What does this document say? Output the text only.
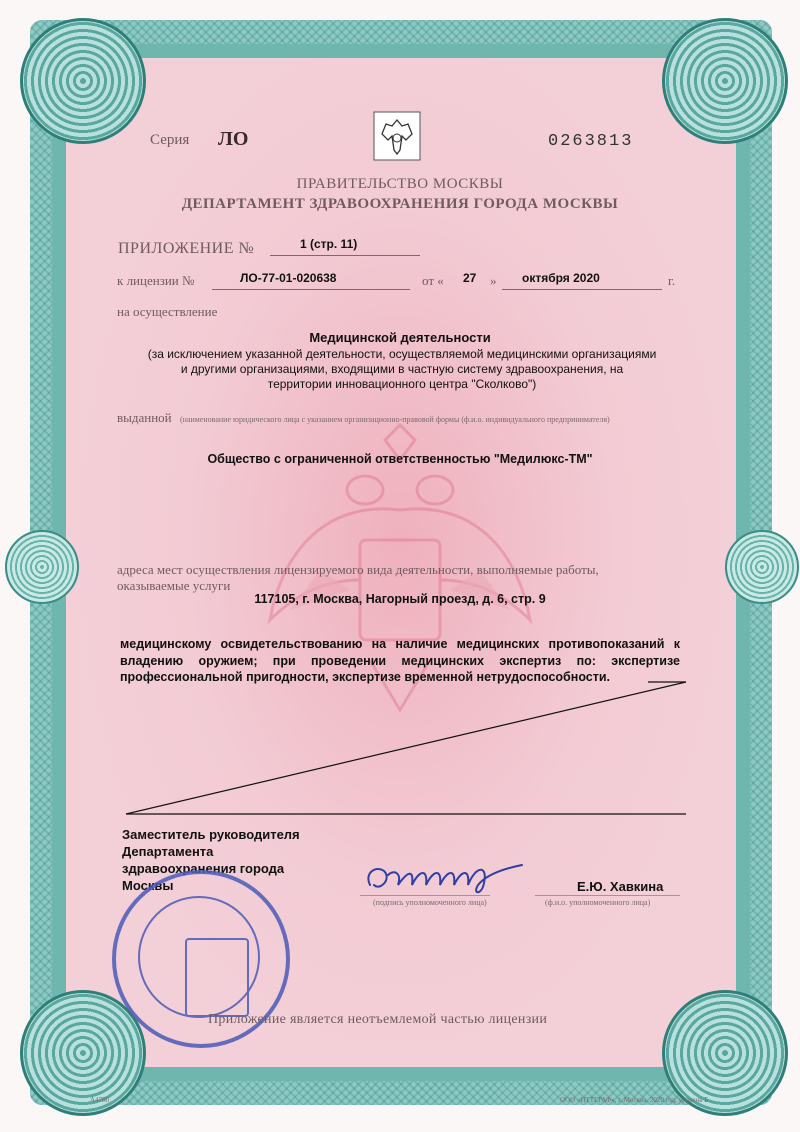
Серия ЛО	0263813
ПРАВИТЕЛЬСТВО МОСКВЫ
ДЕПАРТАМЕНТ ЗДРАВООХРАНЕНИЯ ГОРОДА МОСКВЫ
ПРИЛОЖЕНИЕ №	1 (стр. 11)
к лицензии №	ЛО-77-01-020638	от « 27 » октября 2020	г.
на осуществление
Медицинской деятельности
(за исключением указанной деятельности, осуществляемой медицинскими организациями
и другими организациями, входящими в частную систему здравоохранения, на
территории инновационного центра "Сколково")
выданной (наименование юридического лица с указанием организационно-правовой формы (ф.и.о. индивидуального предпринимателя)
Общество с ограниченной ответственностью "Медилюкс-ТМ"
адреса мест осуществления лицензируемого вида деятельности, выполняемые работы,
оказываемые услуги
117105, г. Москва, Нагорный проезд, д. 6, стр. 9
медицинскому освидетельствованию на наличие медицинских противопоказаний к
владению оружием; при проведении медицинских экспертиз по: экспертизе
профессиональной пригодности, экспертизе временной нетрудоспособности.
Заместитель руководителя
Департамента
здравоохранения города
Москвы
(подпись уполномоченного лица)
Е.Ю. Хавкина
(ф.и.о. уполномоченного лица)
Приложение является неотъемлемой частью лицензии
А4780	ООО «ИТТГРАФ», г. Москва, 2020 год, уровень Б
